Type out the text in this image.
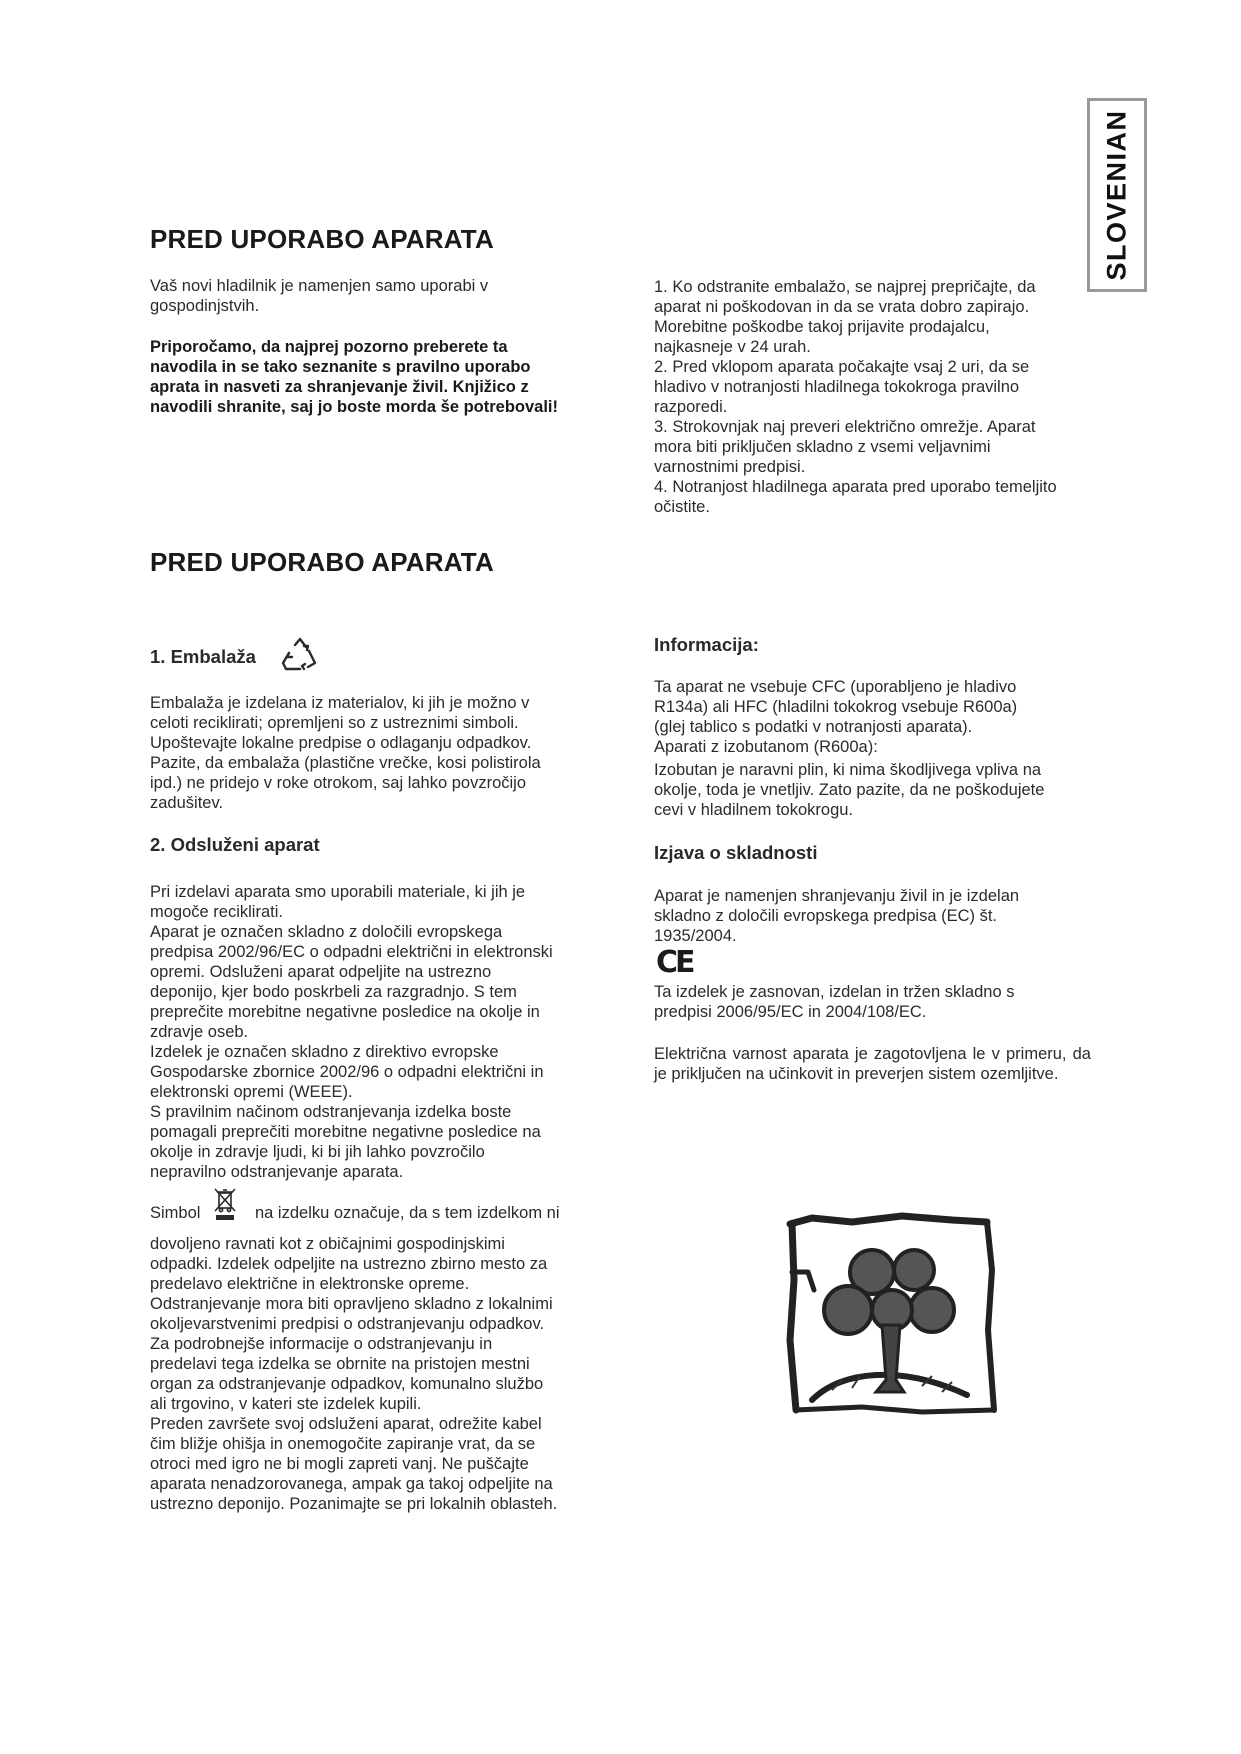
SLOVENIAN
PRED UPORABO APARATA

Vaš novi hladilnik je namenjen samo uporabi v
gospodinjstvih.

Priporočamo, da najprej pozorno preberete ta
navodila in se tako seznanite s pravilno uporabo
aprata in nasveti za shranjevanje živil. Knjižico z
navodili shranite, saj jo boste morda še potrebovali!

1. Ko odstranite embalažo, se najprej prepričajte, da
aparat ni poškodovan in da se vrata dobro zapirajo.
Morebitne poškodbe takoj prijavite prodajalcu,
najkasneje v 24 urah.
2. Pred vklopom aparata počakajte vsaj 2 uri, da se
hladivo v notranjosti hladilnega tokokroga pravilno
razporedi.
3. Strokovnjak naj preveri električno omrežje. Aparat
mora biti priključen skladno z vsemi veljavnimi
varnostnimi predpisi.
4. Notranjost hladilnega aparata pred uporabo temeljito
očistite.

PRED UPORABO APARATA
1. Embalaža

Embalaža je izdelana iz materialov, ki jih je možno v
celoti reciklirati; opremljeni so z ustreznimi simboli.
Upoštevajte lokalne predpise o odlaganju odpadkov.
Pazite, da embalaža (plastične vrečke, kosi polistirola
ipd.) ne pridejo v roke otrokom, saj lahko povzročijo
zadušitev.

2. Odsluženi aparat

Pri izdelavi aparata smo uporabili materiale, ki jih je
mogoče reciklirati.
Aparat je označen skladno z določili evropskega
predpisa 2002/96/EC o odpadni električni in elektronski
opremi. Odsluženi aparat odpeljite na ustrezno
deponijo, kjer bodo poskrbeli za razgradnjo. S tem
preprečite morebitne negativne posledice na okolje in
zdravje oseb.
Izdelek je označen skladno z direktivo evropske
Gospodarske zbornice 2002/96 o odpadni električni in
elektronski opremi (WEEE).
S pravilnim načinom odstranjevanja izdelka boste
pomagali preprečiti morebitne negativne posledice na
okolje in zdravje ljudi, ki bi jih lahko povzročilo
nepravilno odstranjevanje aparata.

Simbol	na izdelku označuje, da s tem izdelkom ni

dovoljeno ravnati kot z običajnimi gospodinjskimi
odpadki. Izdelek odpeljite na ustrezno zbirno mesto za
predelavo električne in elektronske opreme.
Odstranjevanje mora biti opravljeno skladno z lokalnimi
okoljevarstvenimi predpisi o odstranjevanju odpadkov.
Za podrobnejše informacije o odstranjevanju in
predelavi tega izdelka se obrnite na pristojen mestni
organ za odstranjevanje odpadkov, komunalno službo
ali trgovino, v kateri ste izdelek kupili.
Preden završete svoj odsluženi aparat, odrežite kabel
čim bližje ohišja in onemogočite zapiranje vrat, da se
otroci med igro ne bi mogli zapreti vanj. Ne puščajte
aparata nenadzorovanega, ampak ga takoj odpeljite na
ustrezno deponijo. Pozanimajte se pri lokalnih oblasteh.

Informacija:

Ta aparat ne vsebuje CFC (uporabljeno je hladivo
R134a) ali HFC (hladilni tokokrog vsebuje R600a)
(glej tablico s podatki v notranjosti aparata).
Aparati z izobutanom (R600a):

Izobutan je naravni plin, ki nima škodljivega vpliva na
okolje, toda je vnetljiv. Zato pazite, da ne poškodujete
cevi v hladilnem tokokrogu.

Izjava o skladnosti

Aparat je namenjen shranjevanju živil in je izdelan
skladno z določili evropskega predpisa (EC) št.
1935/2004.

CE

Ta izdelek je zasnovan, izdelan in tržen skladno s
predpisi 2006/95/EC in 2004/108/EC.

Električna varnost aparata je zagotovljena le v primeru, da je priključen na učinkovit in preverjen sistem ozemljitve.
